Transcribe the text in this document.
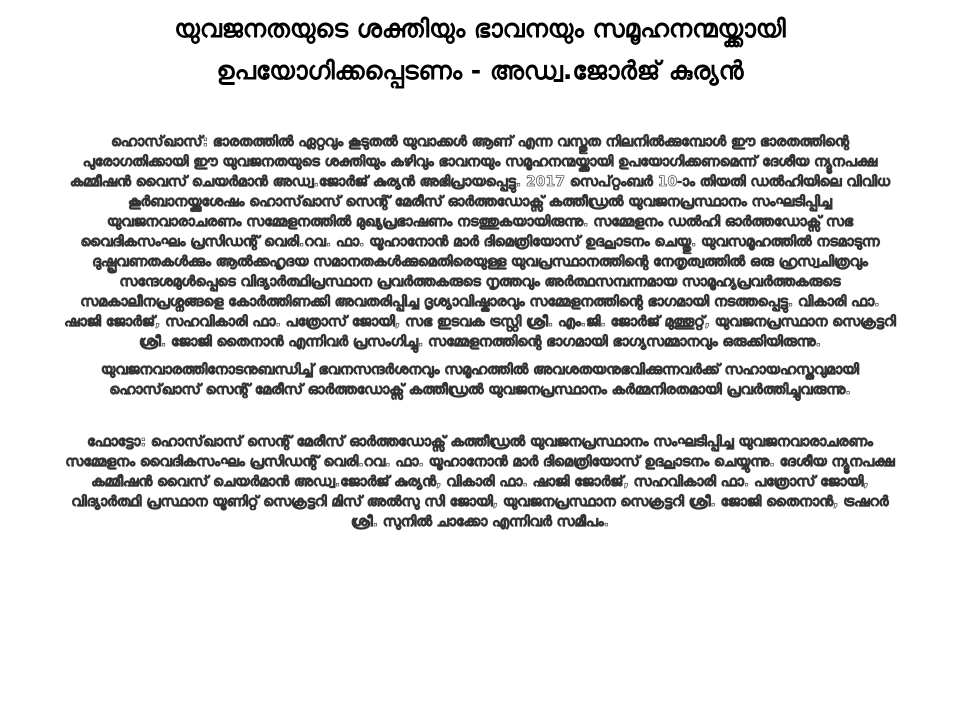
യുവജനതയുടെ ശക്തിയും ഭാവനയും സമൂഹനന്മയ്ക്കായി
ഉപയോഗിക്കപ്പെടണം - അഡ്വ.ജോർജ് കുര്യൻ

ഹൊസ്‌ഖാസ്: ഭാരതത്തിൽ ഏറ്റവും കൂടുതൽ യുവാക്കൾ ആണ് എന്ന വസ്തുത നിലനിൽക്കുമ്പോൾ ഈ ഭാരതത്തിന്റെ പുരോഗതിക്കായി ഈ യുവജനതയുടെ ശക്തിയും കഴിവും ഭാവനയും സമൂഹനന്മയ്ക്കായി ഉപയോഗിക്കണമെന്ന് ദേശീയ ന്യൂനപക്ഷ കമ്മീഷൻ വൈസ് ചെയർമാൻ അഡ്വ.ജോർജ് കുര്യൻ അഭിപ്രായപ്പെട്ടു. 2017 സെപ്റ്റംബർ 10-ാം തിയതി ഡൽഹിയിലെ വിവിധ കൂർബാനയ്ക്കുശേഷം ഹൊസ്‌ഖാസ് സെന്റ് മേരീസ് ഓർത്തഡോക്സ് കത്തീഡ്രൽ യുവജനപ്രസ്ഥാനം സംഘടിപ്പിച്ച യുവജനവാരാചരണം സമ്മേളനത്തിൽ മുഖ്യപ്രഭാഷണം നടത്തുകയായിരുന്നു. സമ്മേളനം ഡൽഹി ഓർത്തഡോക്സ് സഭ വൈദികസംഘം പ്രസിഡന്റ് വെരി.റവ. ഫാ. യൂഹാനോൻ മാർ ദിമെത്രിയോസ് ഉദ്ഘാടനം ചെയ്തു. യുവസമൂഹത്തിൽ നടമാടുന്ന ദുഷ്പ്രവണതകൾക്കും ആൽക്കഹൃദയ സമാനതകൾക്കുമെതിരെയുള്ള യുവപ്രസ്ഥാനത്തിന്റെ നേതൃത്വത്തിൽ ഒരു ഹ്രസ്വചിത്രവും സന്ദേശമുൾപ്പെടെ വിദ്യാർത്ഥിപ്രസ്ഥാന പ്രവർത്തകരുടെ നൃത്തവും അർത്ഥസമ്പന്നമായ സാമൂഹ്യപ്രവർത്തകരുടെ സമകാലീനപ്രശ്നങ്ങളെ കോർത്തിണക്കി അവതരിപ്പിച്ച ദൃശ്യാവിഷ്കാരവും സമ്മേളനത്തിന്റെ ഭാഗമായി നടത്തപ്പെട്ടു. വികാരി ഫാ. ഷാജി ജോർജ്, സഹവികാരി ഫാ. പത്രോസ് ജോയി, സഭ ഇടവക ട്രസ്റ്റി ശ്രീ. എം.ജി. ജോർജ് മുത്തൂറ്റ്, യുവജനപ്രസ്ഥാന സെക്രട്ടറി ശ്രീ. ജോജി തൈനാൻ എന്നിവർ പ്രസംഗിച്ചു. സമ്മേളനത്തിന്റെ ഭാഗമായി ഭാഗ്യസമ്മാനവും ഒരുക്കിയിരുന്നു.

യുവജനവാരത്തിനോടനുബന്ധിച്ച് ഭവനസന്ദർശനവും സമൂഹത്തിൽ അവശതയനുഭവിക്കുന്നവർക്ക് സഹായഹസ്തവുമായി ഹൊസ്‌ഖാസ് സെന്റ് മേരീസ് ഓർത്തഡോക്സ് കത്തീഡ്രൽ യുവജനപ്രസ്ഥാനം കർമ്മനിരതമായി പ്രവർത്തിച്ചുവരുന്നു.

ഫോട്ടോ: ഹൊസ്‌ഖാസ് സെന്റ് മേരീസ് ഓർത്തഡോക്സ് കത്തീഡ്രൽ യുവജനപ്രസ്ഥാനം സംഘടിപ്പിച്ച യുവജനവാരാചരണം സമ്മേളനം വൈദികസംഘം പ്രസിഡന്റ് വെരി.റവ. ഫാ. യൂഹാനോൻ മാർ ദിമെത്രിയോസ് ഉദ്ഘാടനം ചെയ്യുന്നു. ദേശീയ ന്യൂനപക്ഷ കമ്മീഷൻ വൈസ് ചെയർമാൻ അഡ്വ.ജോർജ് കുര്യൻ, വികാരി ഫാ. ഷാജി ജോർജ്, സഹവികാരി ഫാ. പത്രോസ് ജോയി, വിദ്യാർത്ഥി പ്രസ്ഥാന യൂണിറ്റ് സെക്രട്ടറി മിസ് അൽസു സി ജോയി, യുവജനപ്രസ്ഥാന സെക്രട്ടറി ശ്രീ. ജോജി തൈനാൻ, ട്രഷറർ ശ്രീ. സുനിൽ ചാക്കോ എന്നിവർ സമീപം.
